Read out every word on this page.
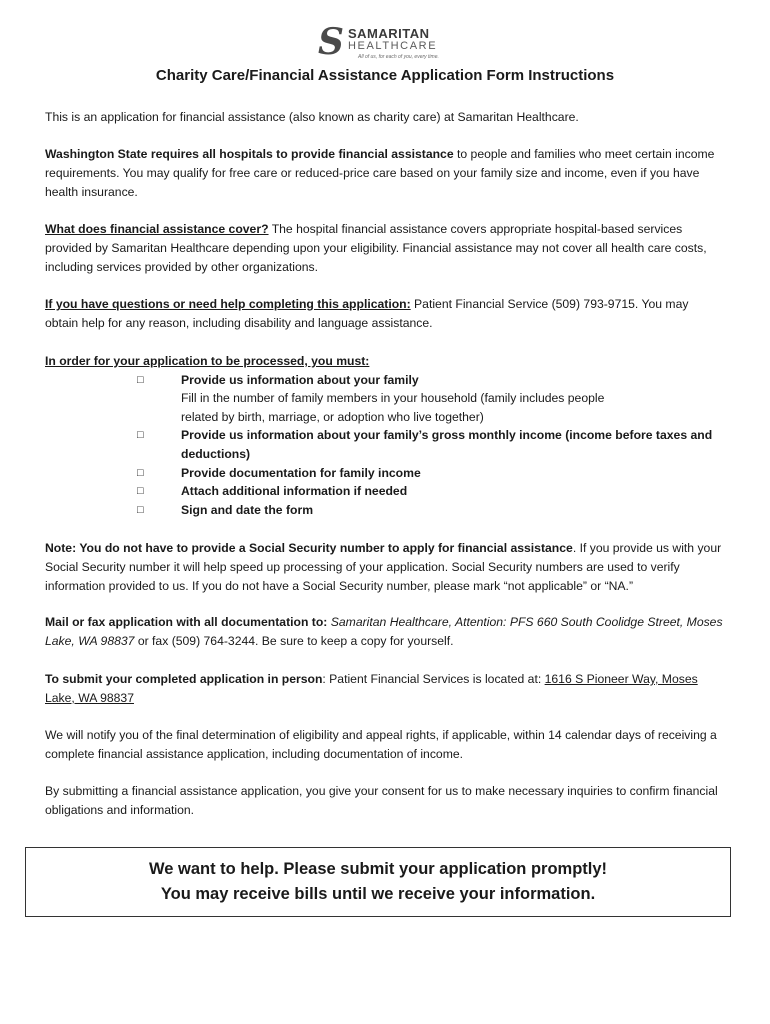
S SAMARITAN
HEALTHCARE
All of us, for each of you, every time.
Charity Care/Financial Assistance Application Form Instructions
This is an application for financial assistance (also known as charity care) at Samaritan Healthcare.
Washington State requires all hospitals to provide financial assistance to people and families who meet certain income requirements. You may qualify for free care or reduced-price care based on your family size and income, even if you have health insurance.
What does financial assistance cover? The hospital financial assistance covers appropriate hospital-based services provided by Samaritan Healthcare depending upon your eligibility. Financial assistance may not cover all health care costs, including services provided by other organizations.
If you have questions or need help completing this application: Patient Financial Service (509) 793-9715. You may obtain help for any reason, including disability and language assistance.
In order for your application to be processed, you must:
□	Provide us information about your family
Fill in the number of family members in your household (family includes people
related by birth, marriage, or adoption who live together)
□	Provide us information about your family’s gross monthly income (income before taxes and deductions)
□	Provide documentation for family income
□	Attach additional information if needed
□	Sign and date the form
Note: You do not have to provide a Social Security number to apply for financial assistance. If you provide us with your Social Security number it will help speed up processing of your application. Social Security numbers are used to verify information provided to us. If you do not have a Social Security number, please mark “not applicable” or “NA.”
Mail or fax application with all documentation to: Samaritan Healthcare, Attention: PFS 660 South Coolidge Street, Moses Lake, WA 98837 or fax (509) 764-3244. Be sure to keep a copy for yourself.
To submit your completed application in person: Patient Financial Services is located at: 1616 S Pioneer Way, Moses Lake, WA 98837
We will notify you of the final determination of eligibility and appeal rights, if applicable, within 14 calendar days of receiving a complete financial assistance application, including documentation of income.
By submitting a financial assistance application, you give your consent for us to make necessary inquiries to confirm financial obligations and information.
We want to help. Please submit your application promptly!
You may receive bills until we receive your information.
